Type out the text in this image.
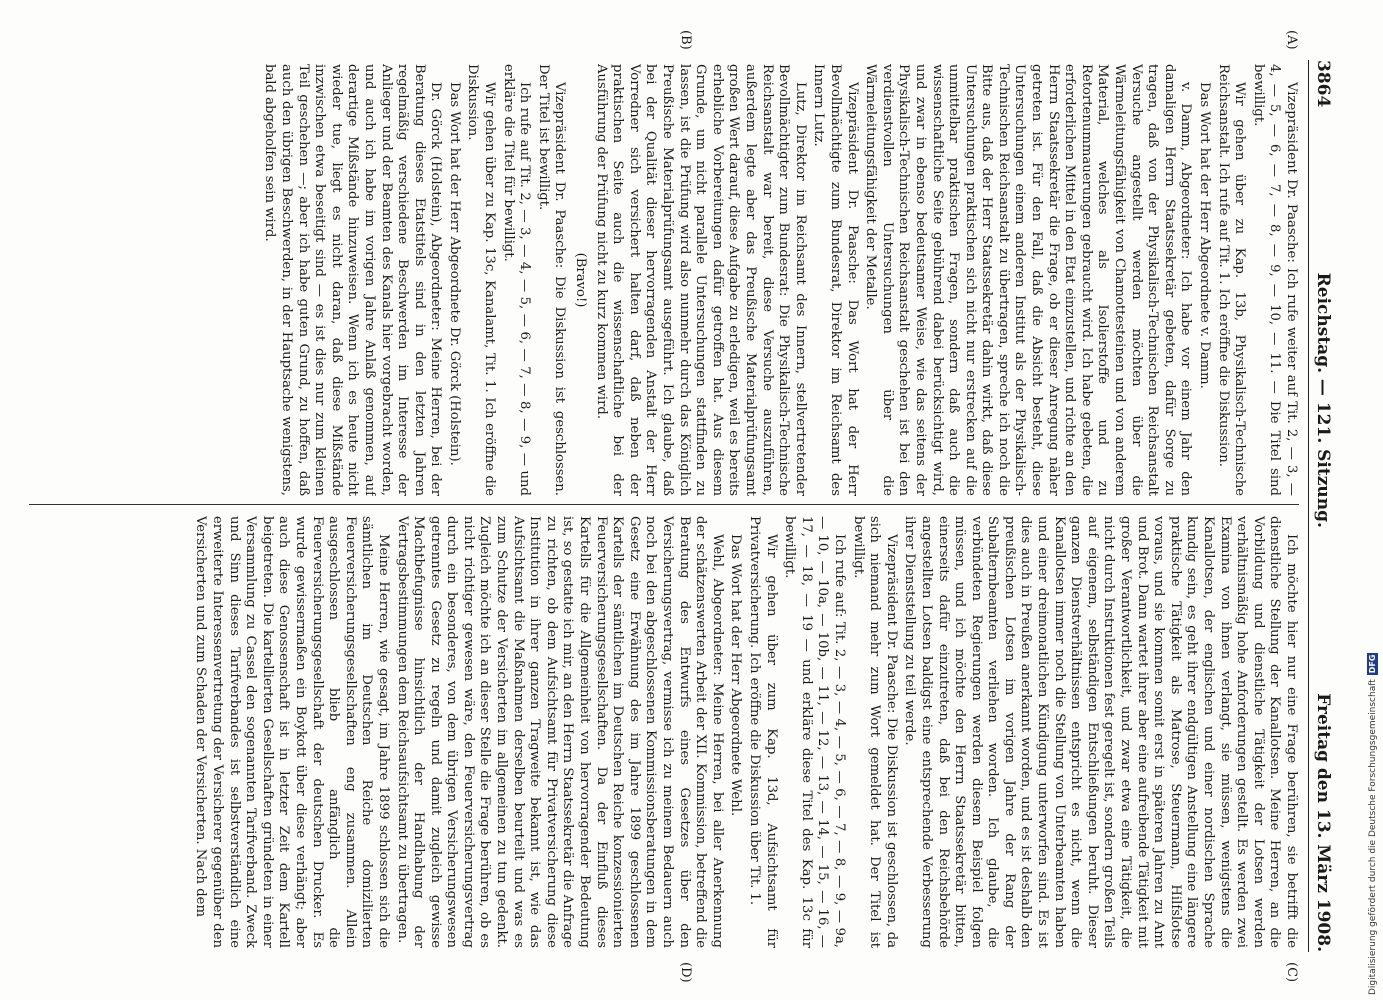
3864
Reichstag. — 121. Sitzung.
Freitag den 13. März 1908.
(A)
(B)
(C)
(D)

Vizepräsident Dr. Paasche: Ich rufe weiter auf Tit. 2, — 3, — 4, — 5, — 6, — 7, — 8, — 9, — 10, — 11. — Die Titel sind bewilligt.

Wir gehen über zu Kap. 13b, Physikalisch-Technische Reichsanstalt. Ich rufe auf Tit. 1. Ich eröffne die Diskussion.

Das Wort hat der Herr Abgeordnete v. Damm.

v. Damm, Abgeordneter: Ich habe vor einem Jahr den damaligen Herrn Staatssekretär gebeten, dafür Sorge zu tragen, daß von der Physikalisch-Technischen Reichsanstalt Versuche angestellt werden möchten über die Wärmeleitungsfähigkeit von Chamottesteinen und von anderem Material, welches als Isolierstoffe und zu Retortenummauerungen gebraucht wird. Ich habe gebeten, die erforderlichen Mittel in den Etat einzustellen, und richte an den Herrn Staatssekretär die Frage, ob er dieser Anregung näher getreten ist. Für den Fall, daß die Absicht besteht, diese Untersuchungen einem anderen Institut als der Physikalisch-Technischen Reichsanstalt zu übertragen, spreche ich noch die Bitte aus, daß der Herr Staatssekretär dahin wirkt, daß diese Untersuchungen praktischen sich nicht nur erstrecken auf die unmittelbar praktischen Fragen, sondern daß auch die wissenschaftliche Seite gebührend dabei berücksichtigt wird, und zwar in ebenso bedeutsamer Weise, wie das seitens der Physikalisch-Technischen Reichsanstalt geschehen ist bei den verdienstvollen Untersuchungen über die Wärmeleitungsfähigkeit der Metalle.

Vizepräsident Dr. Paasche: Das Wort hat der Herr Bevollmächtigte zum Bundesrat, Direktor im Reichsamt des Innern Lutz.

Lutz, Direktor im Reichsamt des Innern, stellvertretender Bevollmächtigter zum Bundesrat: Die Physikalisch-Technische Reichsanstalt war bereit, diese Versuche auszuführen, außerdem legte aber das Preußische Materialprüfungsamt großen Wert darauf, diese Aufgabe zu erledigen, weil es bereits erhebliche Vorbereitungen dafür getroffen hat. Aus diesem Grunde, um nicht parallele Untersuchungen stattfinden zu lassen, ist die Prüfung wird also nunmehr durch das Königlich Preußische Materialprüfungsamt ausgeführt. Ich glaube, daß bei der Qualität dieser hervorragenden Anstalt der Herr Vorredner sich versichert halten darf, daß neben der praktischen Seite auch die wissenschaftliche bei der Ausführung der Prüfung nicht zu kurz kommen wird.

(Bravo!)

Vizepräsident Dr. Paasche: Die Diskussion ist geschlossen. Der Titel ist bewilligt.

Ich rufe auf Tit. 2, — 3, — 4, — 5, — 6, — 7, — 8, — 9, — und erkläre die Titel für bewilligt.

Wir gehen über zu Kap. 13c, Kanalamt, Tit. 1. Ich eröffne die Diskussion.

Das Wort hat der Herr Abgeordnete Dr. Görck (Holstein).

Dr. Görck (Holstein), Abgeordneter: Meine Herren, bei der Beratung dieses Etatstitels sind in den letzten Jahren regelmäßig verschiedene Beschwerden im Interesse der Anlieger und der Beamten des Kanals hier vorgebracht worden, und auch ich habe im vorigen Jahre Anlaß genommen, auf derartige Mißstände hinzuweisen. Wenn ich es heute nicht wieder tue, liegt es nicht daran, daß diese Mißstände inzwischen etwa beseitigt sind — es ist dies nur zum kleinen Teil geschehen —; aber ich habe guten Grund, zu hoffen, daß auch den übrigen Beschwerden, in der Hauptsache wenigstens, bald abgeholfen sein wird.

Ich möchte hier nur eine Frage berühren, sie betrifft die dienstliche Stellung der Kanallotsen. Meine Herren, an die Vorbildung und dienstliche Tätigkeit der Lotsen werden verhältnismäßig hohe Anforderungen gestellt. Es werden zwei Examina von ihnen verlangt, sie müssen, wenigstens die Kanallotsen, der englischen und einer nordischen Sprache kundig sein, es geht ihrer endgültigen Anstellung eine längere praktische Tätigkeit als Matrose, Steuermann, Hilfslotse voraus, und sie kommen somit erst in späteren Jahren zu Amt und Brot. Dann wartet ihrer aber eine aufreibende Tätigkeit mit großer Verantwortlichkeit, und zwar etwa eine Tätigkeit, die nicht durch Instruktionen fest geregelt ist, sondern großen Teils auf eigenem, selbständigen Entschließungen beruht. Dieser ganzen Dienstverhältnissen entspricht es nicht, wenn die Kanallotsen immer noch die Stellung von Unterbeamten haben und einer dreimonatlichen Kündigung unterworfen sind. Es ist dies auch in Preußen anerkannt worden, und es ist deshalb den preußischen Lotsen im vorigen Jahre der Rang der Subalternbeamten verliehen worden. Ich glaube, die verbündeten Regierungen werden diesem Beispiel folgen müssen, und ich möchte den Herrn Staatssekretär bitten, einerseits dafür einzutreten, daß bei den Reichsbehörde angestellten Lotsen baldigst eine entsprechende Verbesserung ihrer Dienststellung zu teil werde.

Vizepräsident Dr. Paasche: Die Diskussion ist geschlossen, da sich niemand mehr zum Wort gemeldet hat. Der Titel ist bewilligt.

Ich rufe auf: Tit. 2, — 3, — 4, — 5, — 6, — 7, — 8, — 9, — 9a, — 10, — 10a, — 10b, — 11, — 12, — 13, — 14, — 15, — 16, — 17, — 18, — 19 — und erkläre diese Titel des Kap. 13c für bewilligt.

Wir gehen über zum Kap. 13d, Aufsichtsamt für Privatversicherung. Ich eröffne die Diskussion über Tit. 1.

Das Wort hat der Herr Abgeordnete Wehl.

Wehl, Abgeordneter: Meine Herren, bei aller Anerkennung der schätzenswerten Arbeit der XII. Kommission, betreffend die Beratung des Entwurfs eines Gesetzes über den Versicherungsvertrag, vermisse ich zu meinem Bedauern auch noch bei den abgeschlossenen Kommissionsberatungen in dem Gesetz eine Erwähnung des im Jahre 1899 geschlossenen Kartells der sämtlichen im Deutschen Reiche konzessionierten Feuerversicherungsgesellschaften. Da der Einfluß dieses Kartells für die Allgemeinheit von hervorragender Bedeutung ist, so gestatte ich mir, an den Herrn Staatssekretär die Anfrage zu richten, ob dem Aufsichtsamt für Privatversicherung diese Institution in ihrer ganzen Tragweite bekannt ist, wie das Aufsichtsamt die Maßnahmen derselben beurteilt und was es zum Schutze der Versicherten im allgemeinen zu tun gedenkt. Zugleich möchte ich an dieser Stelle die Frage berühren, ob es nicht richtiger gewesen wäre, den Feuerversicherungsvertrag durch ein besonderes, von dem übrigen Versicherungswesen getrenntes Gesetz zu regeln und damit zugleich gewisse Machtbefugnisse hinsichtlich der Handhabung der Vertragsbestimmungen dem Reichsaufsichtsamt zu übertragen.

Meine Herren, wie gesagt, im Jahre 1899 schlossen sich die sämtlichen im Deutschen Reiche domizilierten Feuerversicherungsgesellschaften eng zusammen. Allein ausgeschlossen blieb anfänglich die Feuerversicherungsgesellschaft der deutschen Drucker. Es wurde gewissermaßen ein Boykott über diese verhängt; aber auch diese Genossenschaft ist in letzter Zeit dem Kartell beigetreten. Die kartellierten Gesellschaften gründeten in einer Versammlung zu Cassel den sogenannten Tarifverband. Zweck und Sinn dieses Tarifverbandes ist selbstverständlich eine erweiterte Interessenvertretung der Versicherer gegenüber den Versicherten und zum Schaden der Versicherten. Nach dem	Digitalisierung gefördert durch die Deutsche Forschungsgemeinschaft
DFG
